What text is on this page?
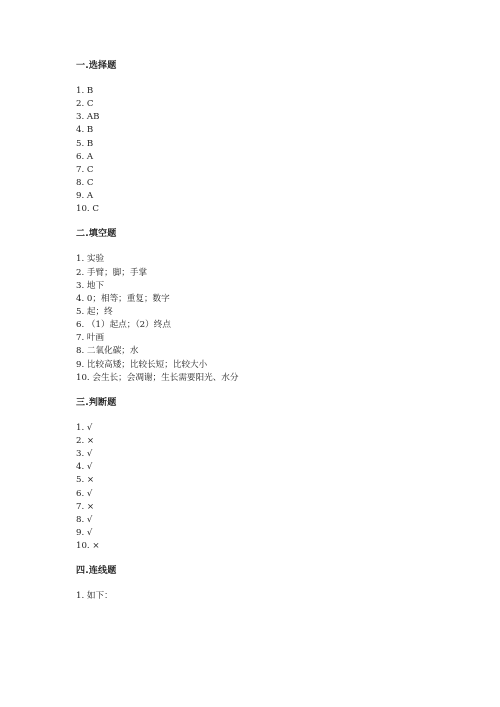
一.选择题
1. B
2. C
3. AB
4. B
5. B
6. A
7. C
8. C
9. A
10. C
二.填空题
1. 实验
2. 手臂；脚；手掌
3. 地下
4. 0；相等；重复；数字
5. 起；终
6. （1）起点；（2）终点
7. 叶画
8. 二氧化碳；水
9. 比较高矮；比较长短；比较大小
10. 会生长；会凋谢；生长需要阳光、水分
三.判断题
1. √
2. ×
3. √
4. √
5. ×
6. √
7. ×
8. √
9. √
10. ×
四.连线题
1. 如下：
